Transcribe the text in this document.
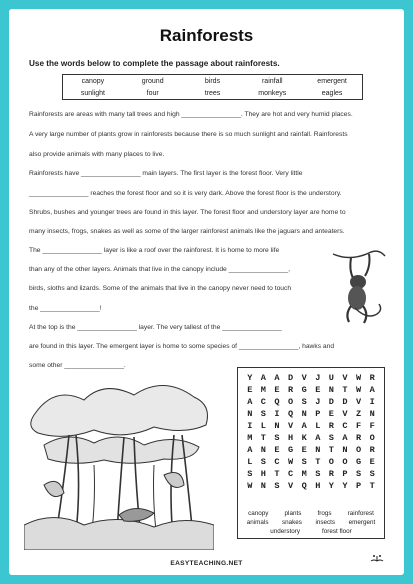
Rainforests
Use the words below to complete the passage about rainforests.
canopy	ground	birds	rainfall	emergent
sunlight	four	trees	monkeys	eagles
Rainforests are areas with many tall trees and high ________________. They are hot and very humid places.
A very large number of plants grow in rainforests because there is so much sunlight and rainfall. Rainforests
also provide animals with many places to live.
Rainforests have ________________ main layers. The first layer is the forest floor. Very little
________________ reaches the forest floor and so it is very dark. Above the forest floor is the understory.
Shrubs, bushes and younger trees are found in this layer. The forest floor and understory layer are home to
many insects, frogs, snakes as well as some of the larger rainforest animals like the jaguars and anteaters.
The ________________ layer is like a roof over the rainforest. It is home to more life
than any of the other layers. Animals that live in the canopy include ________________,
birds, sloths and lizards. Some of the animals that live in the canopy never need to touch
the ________________!
At the top is the ________________ layer. The very tallest of the ________________
are found in this layer. The emergent layer is home to some species of ________________, hawks and
some other ________________.
Y A A D V J U V W R
E M E R G E N T W A
A C Q O S J D D V I
N S I Q N P E V Z N
I L N V A L R C F F
M T S H K A S A R O
A N E G E N T N O R
L S C W S T O O G E
S H T C M S R P S S
W N S V Q H Y Y P T
canopy	plants	frogs	rainforest
animals snakes insects emergent
understory	forest floor
EASYTEACHING.NET
